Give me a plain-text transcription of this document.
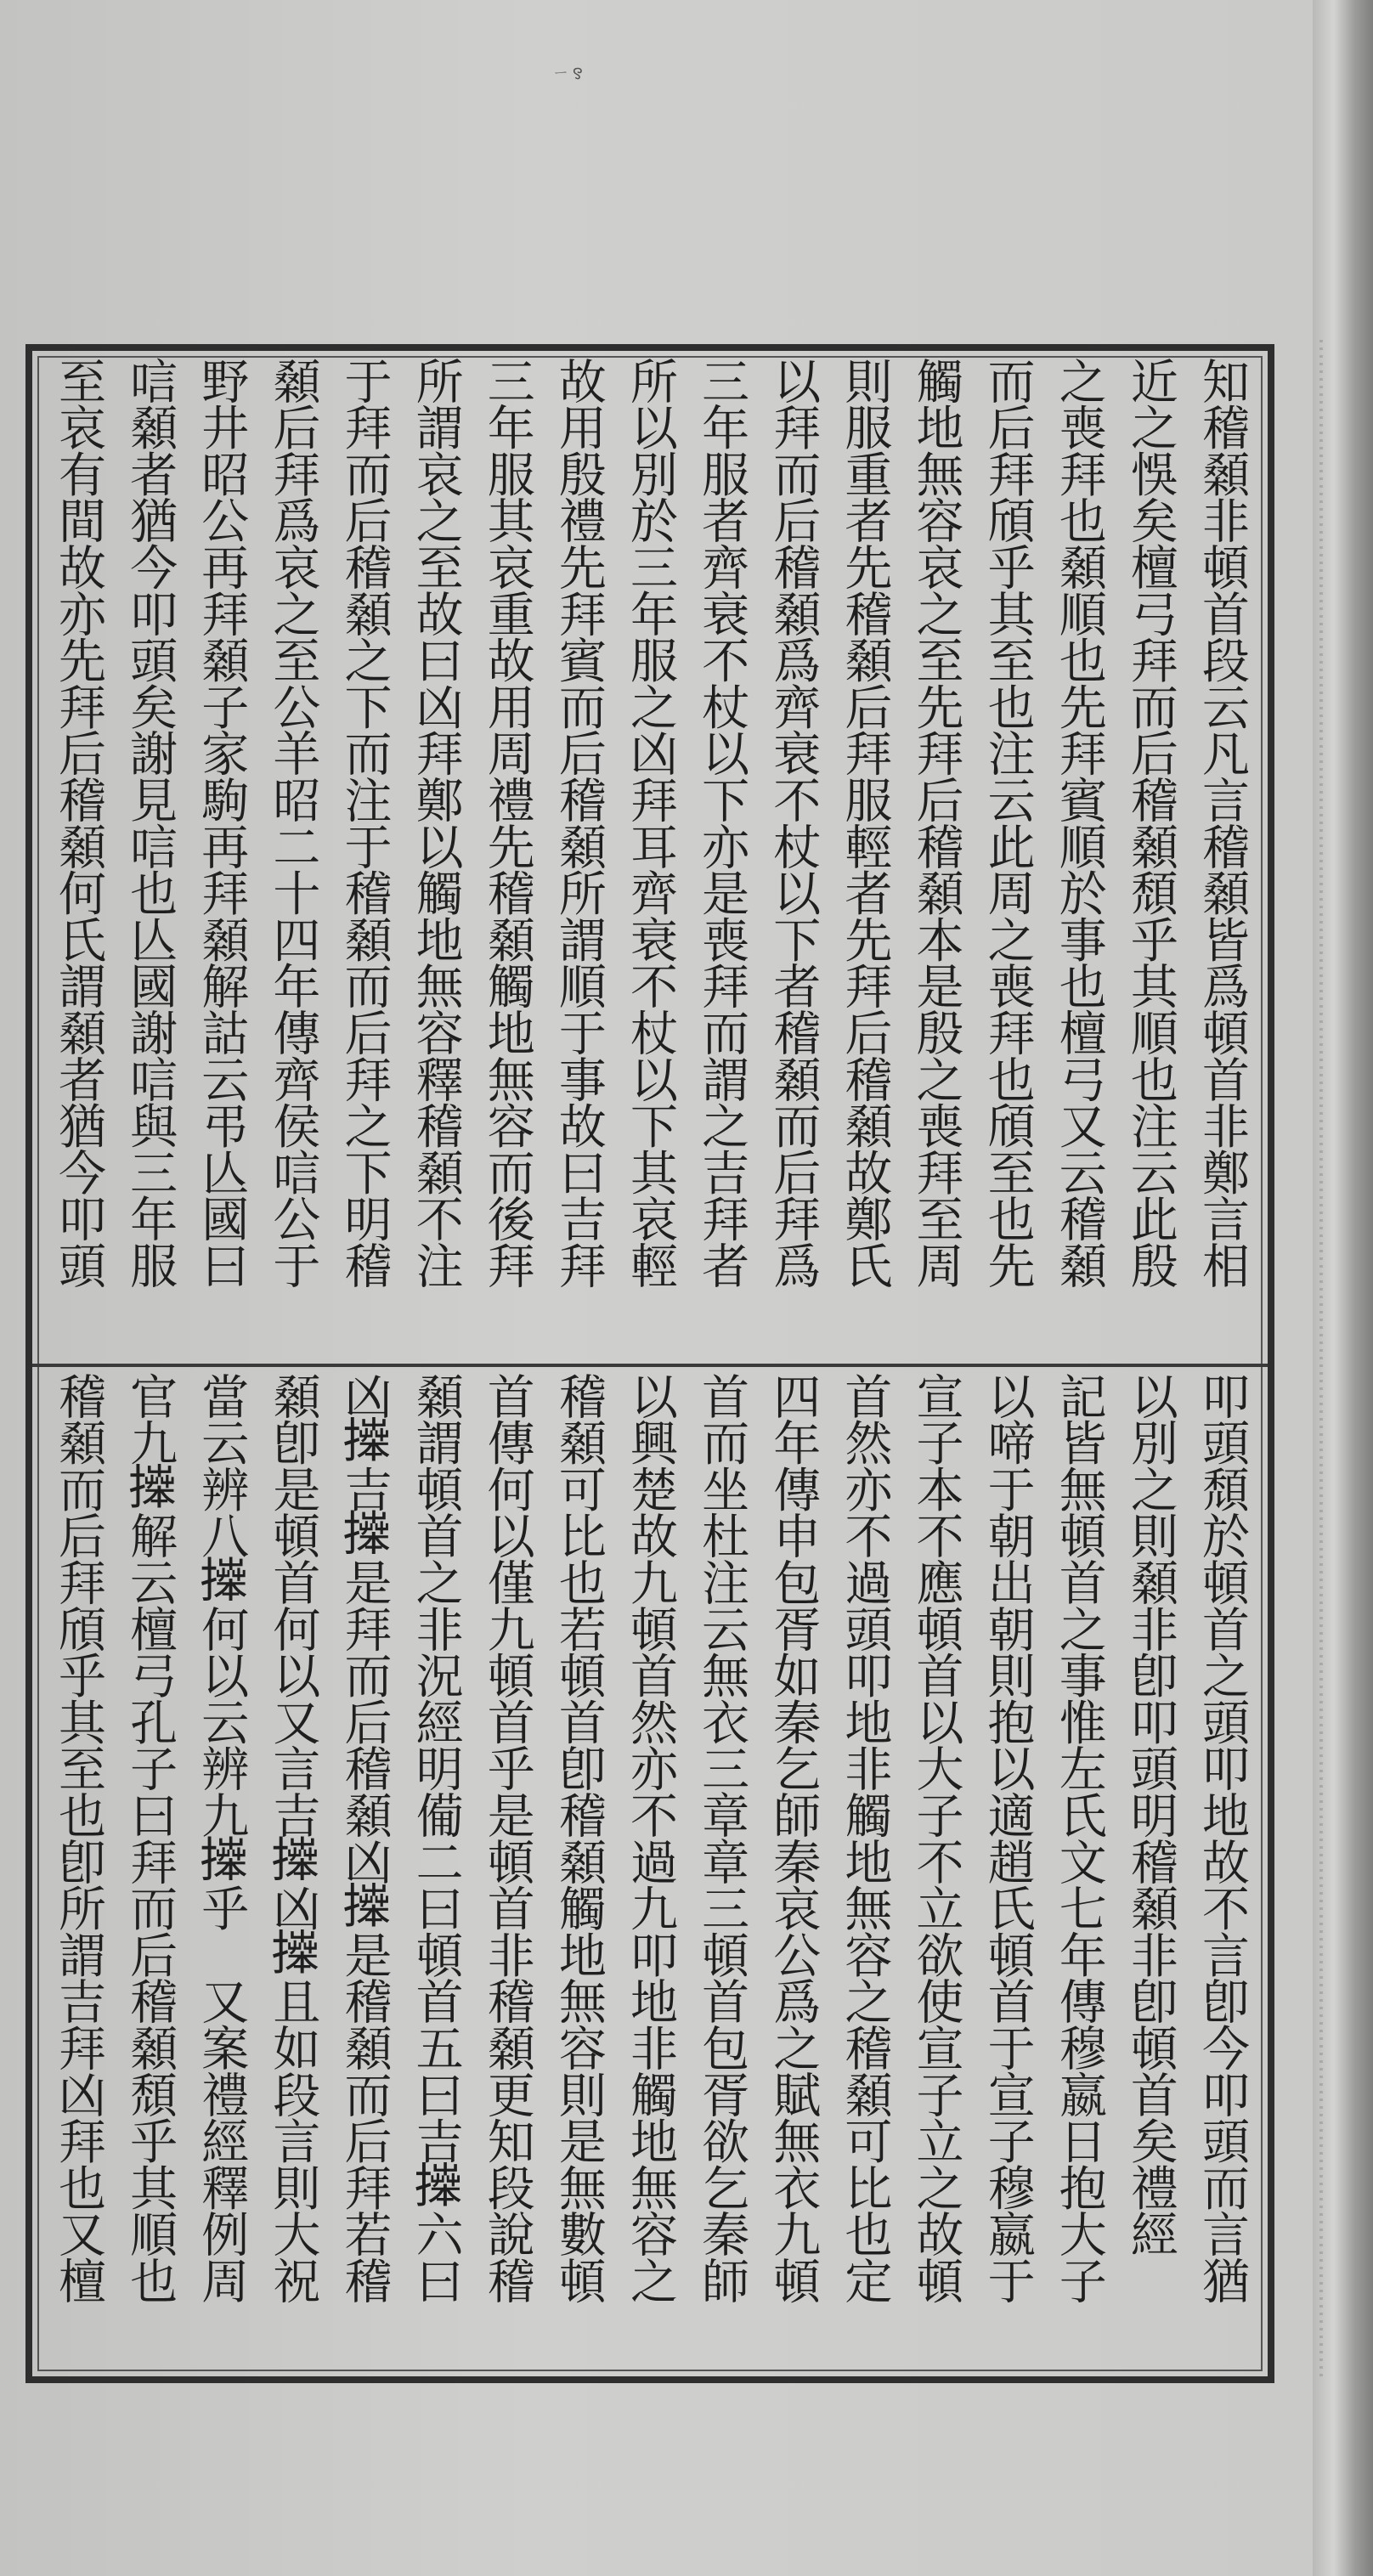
ㄧ꯱
知稽顙非頓首段云凡言稽顙皆爲頓首非鄭言相
近之悞矣檀弓拜而后稽顙頹乎其順也注云此殷
之喪拜也顙順也先拜賓順於事也檀弓又云稽顙
而后拜頎乎其至也注云此周之喪拜也頎至也先
觸地無容哀之至先拜后稽顙本是殷之喪拜至周
則服重者先稽顙后拜服輕者先拜后稽顙故鄭氏
以拜而后稽顙爲齊衰不杖以下者稽顙而后拜爲
三年服者齊衰不杖以下亦是喪拜而謂之吉拜者
所以別於三年服之凶拜耳齊衰不杖以下其哀輕
故用殷禮先拜賓而后稽顙所謂順于事故曰吉拜
三年服其哀重故用周禮先稽顙觸地無容而後拜
所謂哀之至故曰凶拜鄭以觸地無容釋稽顙不注
于拜而后稽顙之下而注于稽顙而后拜之下明稽
顙后拜爲哀之至公羊昭二十四年傳齊侯唁公于
野井昭公再拜顙子家駒再拜顙解詁云弔亾國曰
唁顙者猶今叩頭矣謝見唁也亾國謝唁與三年服
至哀有間故亦先拜后稽顙何氏謂顙者猶今叩頭
叩頭頹於頓首之頭叩地故不言卽今叩頭而言猶
以別之則顙非卽叩頭明稽顙非卽頓首矣禮經
記皆無頓首之事惟左氏文七年傳穆嬴日抱大子
以啼于朝出朝則抱以適趙氏頓首于宣子穆嬴于
宣子本不應頓首以大子不立欲使宣子立之故頓
首然亦不過頭叩地非觸地無容之稽顙可比也定
四年傳申包胥如秦乞師秦哀公爲之賦無衣九頓
首而坐杜注云無衣三章章三頓首包胥欲乞秦師
以興楚故九頓首然亦不過九叩地非觸地無容之
稽顙可比也若頓首卽稽顙觸地無容則是無數頓
首傳何以僅九頓首乎是頓首非稽顙更知段說稽
顙謂頓首之非況經明僃二曰頓首五曰吉𢷎六曰
凶𢷎吉𢷎是拜而后稽顙凶𢷎是稽顙而后拜若稽
顙卽是頓首何以又言吉𢷎凶𢷎且如段言則大祝
當云辨八𢷎何以云辨九𢷎乎　又案禮經釋例周
官九𢷎解云檀弓孔子曰拜而后稽顙頹乎其順也
稽顙而后拜頎乎其至也卽所謂吉拜凶拜也又檀
